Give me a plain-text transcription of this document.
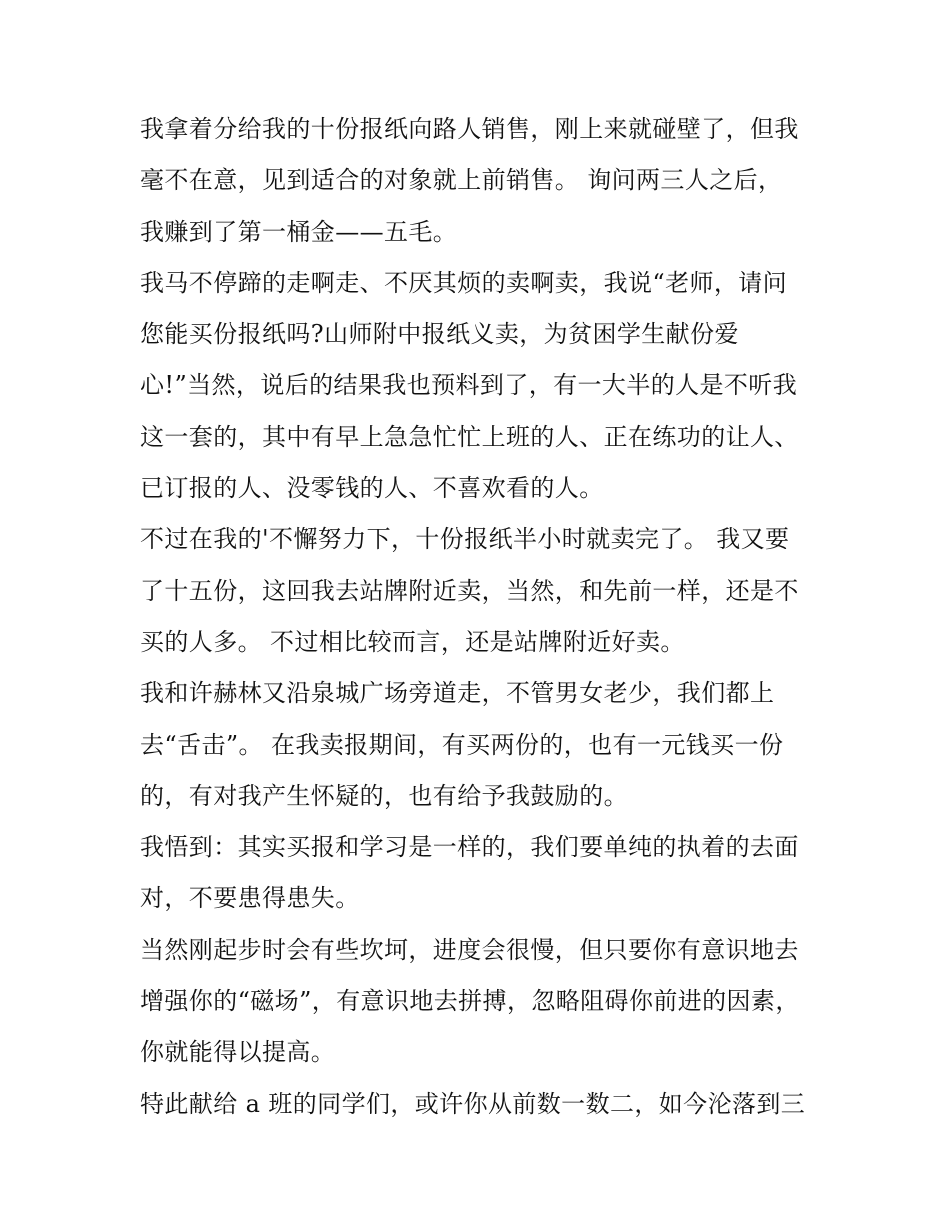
我拿着分给我的十份报纸向路人销售，刚上来就碰壁了，但我
毫不在意，见到适合的对象就上前销售。 询问两三人之后，
我赚到了第一桶金——五毛。
我马不停蹄的走啊走、不厌其烦的卖啊卖，我说“老师，请问
您能买份报纸吗?山师附中报纸义卖，为贫困学生献份爱
心!”当然，说后的结果我也预料到了，有一大半的人是不听我
这一套的，其中有早上急急忙忙上班的人、正在练功的让人、
已订报的人、没零钱的人、不喜欢看的人。
不过在我的'不懈努力下，十份报纸半小时就卖完了。 我又要
了十五份，这回我去站牌附近卖，当然，和先前一样，还是不
买的人多。 不过相比较而言，还是站牌附近好卖。
我和许赫林又沿泉城广场旁道走，不管男女老少，我们都上
去“舌击”。 在我卖报期间，有买两份的，也有一元钱买一份
的，有对我产生怀疑的，也有给予我鼓励的。
我悟到：其实买报和学习是一样的，我们要单纯的执着的去面
对，不要患得患失。
当然刚起步时会有些坎坷，进度会很慢，但只要你有意识地去
增强你的“磁场”，有意识地去拼搏，忽略阻碍你前进的因素，
你就能得以提高。
特此献给 a 班的同学们，或许你从前数一数二，如今沦落到三
